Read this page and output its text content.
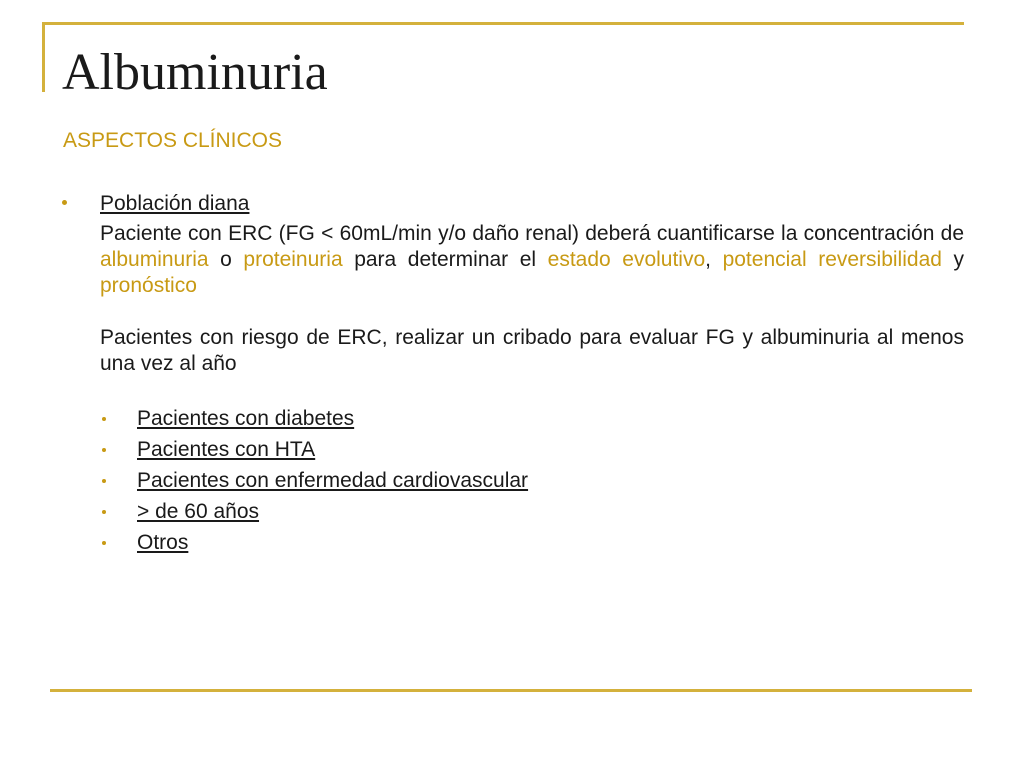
Albuminuria
ASPECTOS CLÍNICOS
Población diana

Paciente con ERC (FG < 60mL/min y/o daño renal) deberá cuantificarse la concentración de albuminuria o proteinuria para determinar el estado evolutivo, potencial reversibilidad y pronóstico

Pacientes con riesgo de ERC, realizar un cribado para evaluar FG y albuminuria al menos una vez al año

Pacientes con diabetes
Pacientes con HTA
Pacientes con enfermedad cardiovascular
> de 60 años
Otros
